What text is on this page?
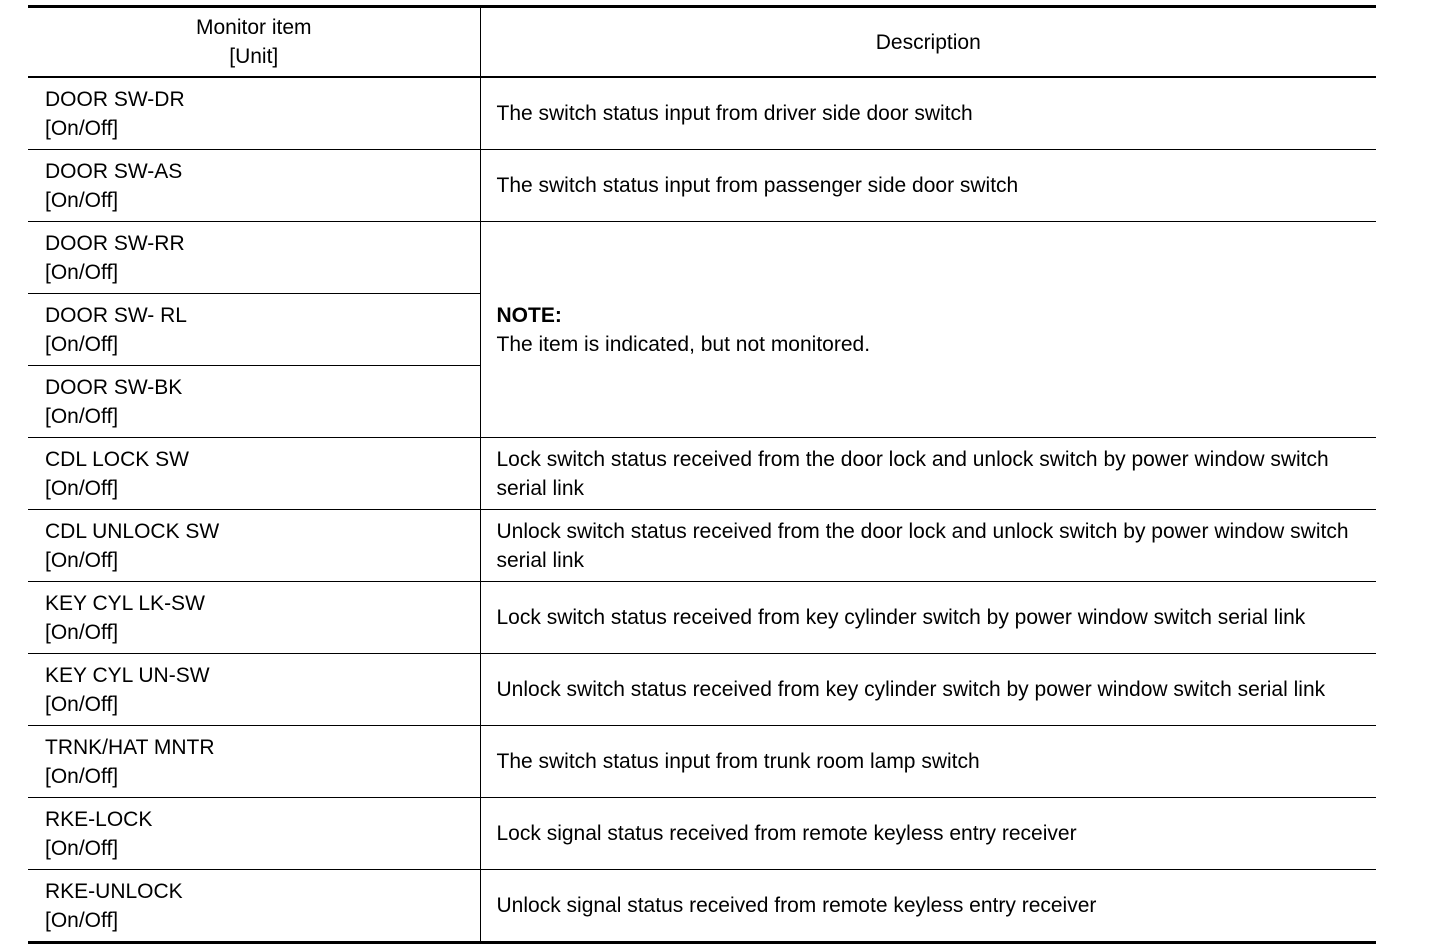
Monitor item
[Unit]	Description

DOOR SW-DR
[On/Off]	The switch status input from driver side door switch

DOOR SW-AS
[On/Off]	The switch status input from passenger side door switch

DOOR SW-RR
[On/Off]	NOTE:
The item is indicated, but not monitored.

DOOR SW- RL
[On/Off]	

DOOR SW-BK
[On/Off]	

CDL LOCK SW
[On/Off]	Lock switch status received from the door lock and unlock switch by power window switch serial link

CDL UNLOCK SW
[On/Off]	Unlock switch status received from the door lock and unlock switch by power window switch serial link

KEY CYL LK-SW
[On/Off]	Lock switch status received from key cylinder switch by power window switch serial link

KEY CYL UN-SW
[On/Off]	Unlock switch status received from key cylinder switch by power window switch serial link

TRNK/HAT MNTR
[On/Off]	The switch status input from trunk room lamp switch

RKE-LOCK
[On/Off]	Lock signal status received from remote keyless entry receiver

RKE-UNLOCK
[On/Off]	Unlock signal status received from remote keyless entry receiver
